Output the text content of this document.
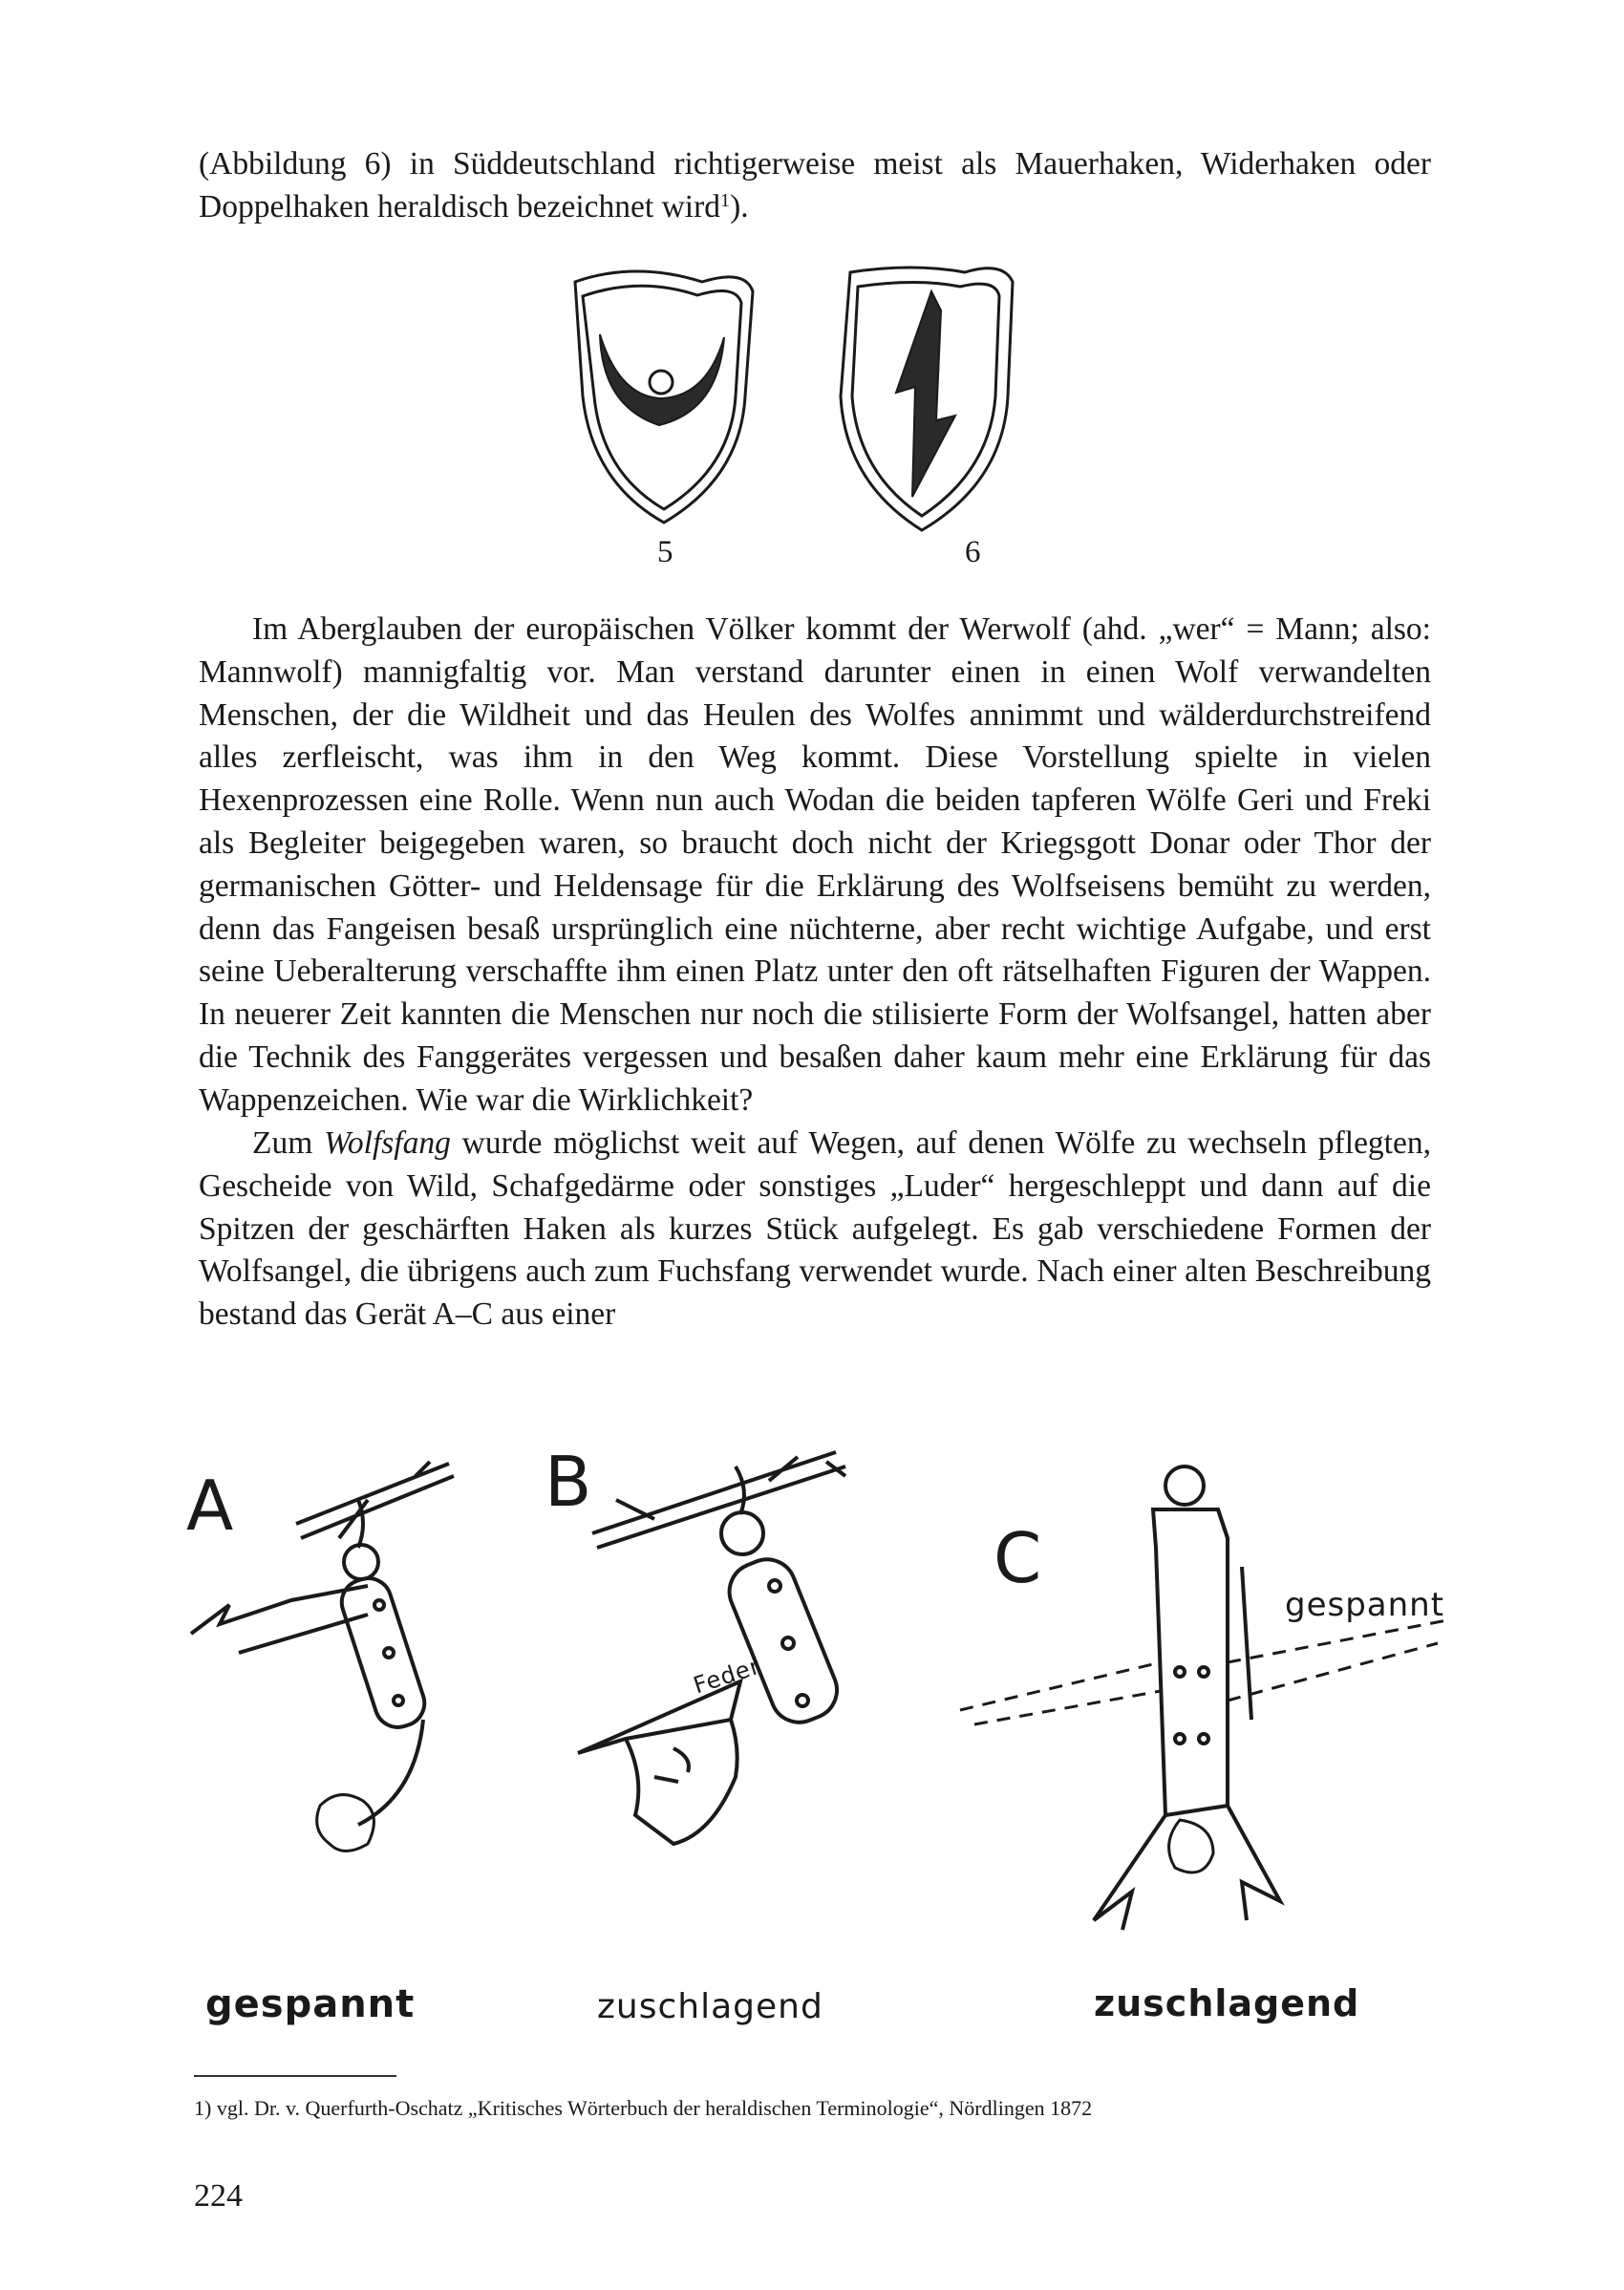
(Abbildung 6) in Süddeutschland richtigerweise meist als Mauerhaken, Widerhaken oder Doppelhaken heraldisch bezeichnet wird$^1$).

5	6

Im Aberglauben der europäischen Völker kommt der Werwolf (ahd. „wer“ = Mann; also: Mannwolf) mannigfaltig vor. Man verstand darunter einen in einen Wolf verwandelten Menschen, der die Wildheit und das Heulen des Wolfes annimmt und wälderdurchstreifend alles zerfleischt, was ihm in den Weg kommt. Diese Vorstellung spielte in vielen Hexenprozessen eine Rolle. Wenn nun auch Wodan die beiden tapferen Wölfe Geri und Freki als Begleiter beigegeben waren, so braucht doch nicht der Kriegsgott Donar oder Thor der germanischen Götter- und Heldensage für die Erklärung des Wolfseisens bemüht zu werden, denn das Fangeisen besaß ursprünglich eine nüchterne, aber recht wichtige Aufgabe, und erst seine Ueberalterung verschaffte ihm einen Platz unter den oft rätselhaften Figuren der Wappen. In neuerer Zeit kannten die Menschen nur noch die stilisierte Form der Wolfsangel, hatten aber die Technik des Fanggerätes vergessen und besaßen daher kaum mehr eine Erklärung für das Wappenzeichen. Wie war die Wirklichkeit?

Zum Wolfsfang wurde möglichst weit auf Wegen, auf denen Wölfe zu wechseln pflegten, Gescheide von Wild, Schafgedärme oder sonstiges „Luder“ hergeschleppt und dann auf die Spitzen der geschärften Haken als kurzes Stück aufgelegt. Es gab verschiedene Formen der Wolfsangel, die übrigens auch zum Fuchsfang verwendet wurde. Nach einer alten Beschreibung bestand das Gerät A–C aus einer

A	B
C
Feder
gespannt
gespannt	zuschlagend	zuschlagend
1) vgl. Dr. v. Querfurth-Oschatz „Kritisches Wörterbuch der heraldischen Terminologie“, Nördlingen 1872
224
